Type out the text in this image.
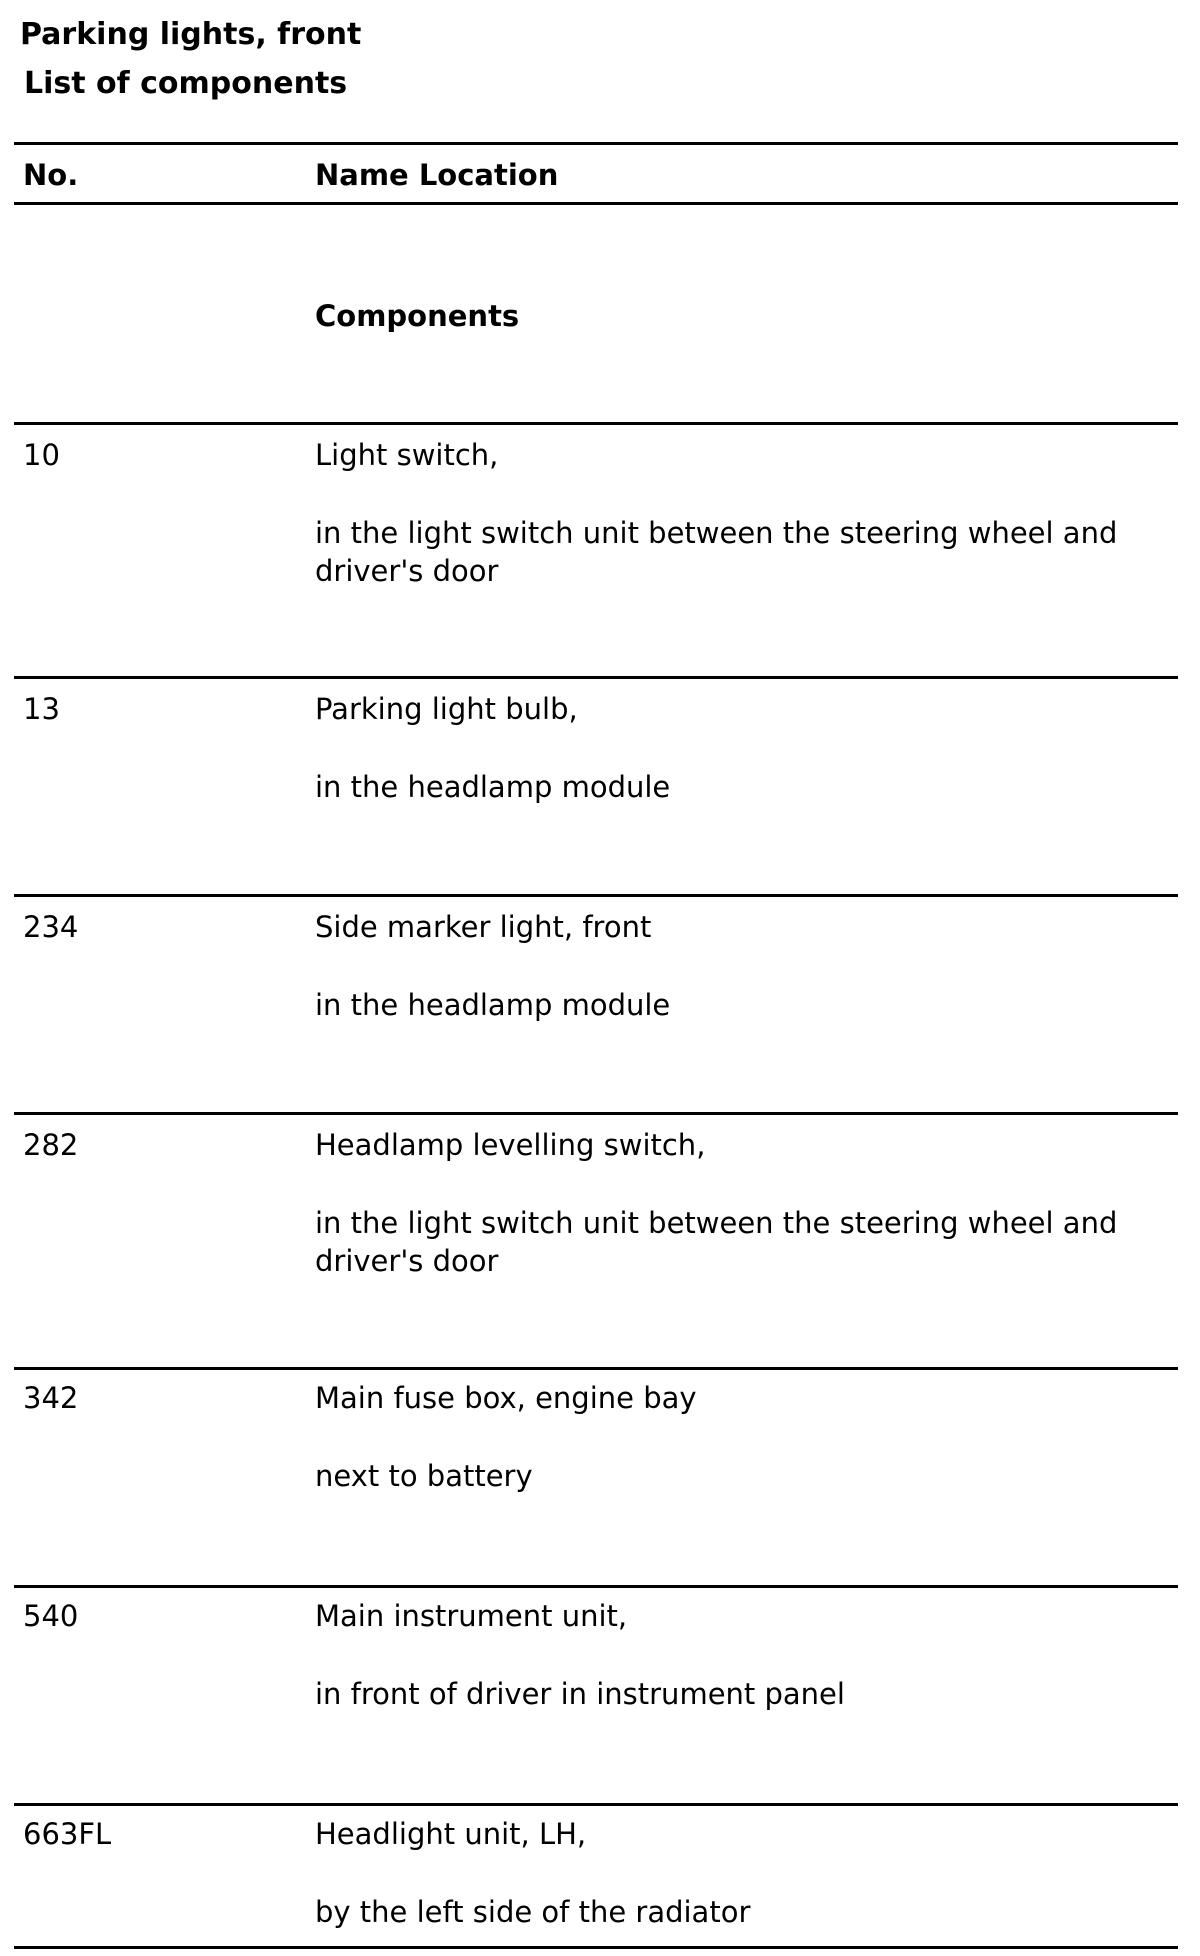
Parking lights, front
List of components
No.	Name Location
Components
10	Light switch,
in the light switch unit between the steering wheel and driver's door
13	Parking light bulb,
in the headlamp module
234	Side marker light, front
in the headlamp module
282	Headlamp levelling switch,
in the light switch unit between the steering wheel and driver's door
342	Main fuse box, engine bay
next to battery
540	Main instrument unit,
in front of driver in instrument panel
663FL	Headlight unit, LH,
by the left side of the radiator
